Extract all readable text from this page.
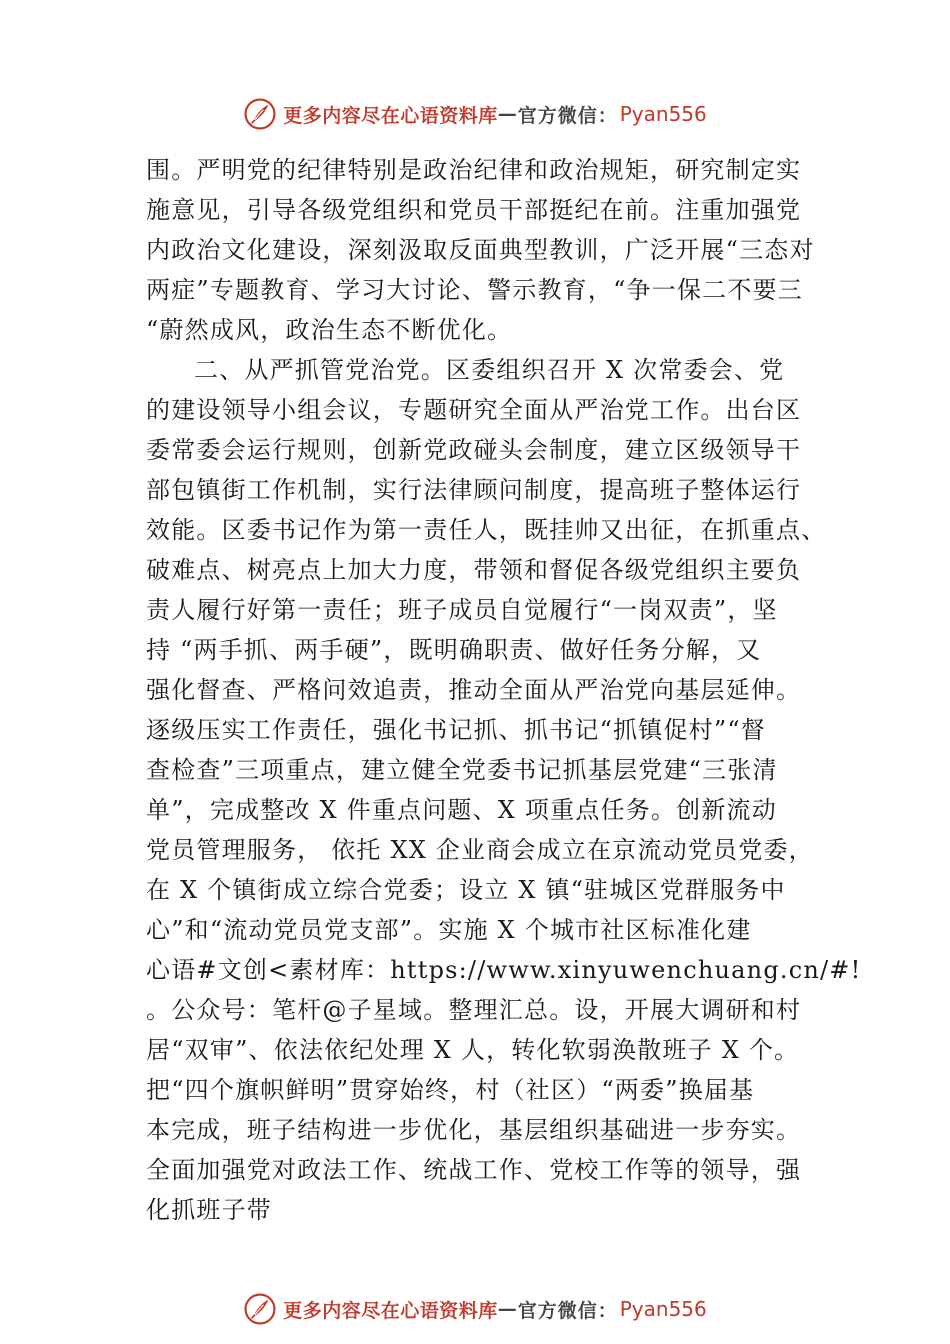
更多内容尽在心语资料库 — 官方微信： Pyan556
围。严明党的纪律特别是政治纪律和政治规矩，研究制定实
施意见，引导各级党组织和党员干部挺纪在前。注重加强党
内政治文化建设，深刻汲取反面典型教训，广泛开展“三态对
两症”专题教育、学习大讨论、警示教育，“争一保二不要三
“蔚然成风，政治生态不断优化。
二、从严抓管党治党。区委组织召开 X 次常委会、党
的建设领导小组会议，专题研究全面从严治党工作。出台区
委常委会运行规则，创新党政碰头会制度，建立区级领导干
部包镇街工作机制，实行法律顾问制度，提高班子整体运行
效能。区委书记作为第一责任人，既挂帅又出征，在抓重点、
破难点、树亮点上加大力度，带领和督促各级党组织主要负
责人履行好第一责任；班子成员自觉履行“一岗双责”，坚
持 “两手抓、两手硬”，既明确职责、做好任务分解，又
强化督查、严格问效追责，推动全面从严治党向基层延伸。
逐级压实工作责任，强化书记抓、抓书记“抓镇促村”“督
查检查”三项重点，建立健全党委书记抓基层党建“三张清
单”，完成整改 X 件重点问题、X 项重点任务。创新流动
党员管理服务， 依托 XX 企业商会成立在京流动党员党委，
在 X 个镇街成立综合党委；设立 X 镇“驻城区党群服务中
心”和“流动党员党支部”。实施 X 个城市社区标准化建
心语#文创<素材库：https://www.xinyuwenchuang.cn/#!
。公众号：笔杆@子星域。整理汇总。设，开展大调研和村
居“双审”、依法依纪处理 X 人，转化软弱涣散班子 X 个。
把“四个旗帜鲜明”贯穿始终，村（社区）“两委”换届基
本完成，班子结构进一步优化，基层组织基础进一步夯实。
全面加强党对政法工作、统战工作、党校工作等的领导，强
化抓班子带
更多内容尽在心语资料库 — 官方微信： Pyan556
